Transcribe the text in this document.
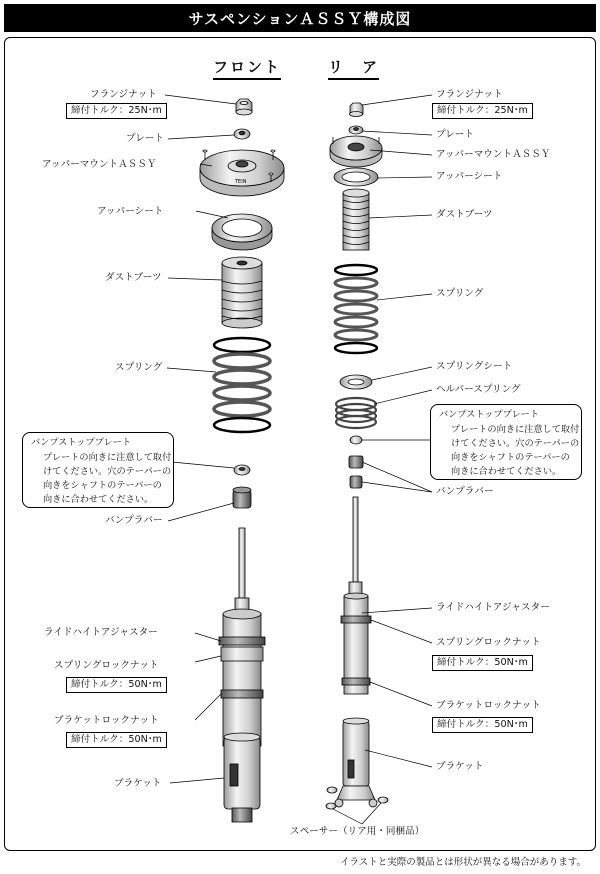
サスペンションＡＳＳＹ構成図
フロント	リ　ア
TEIN
フランジナット
締付トルク：25N･m
プレート
アッパーマウントＡＳＳＹ
アッパーシート
ダストブーツ
スプリング
バンプストッププレート
プレートの向きに注意して取付
けてください。穴のテーパーの
向きをシャフトのテーパーの
向きに合わせてください。
バンプラバー
ライドハイトアジャスター
スプリングロックナット
締付トルク：50N･m
ブラケットロックナット
締付トルク：50N･m
ブラケット
フランジナット
締付トルク：25N･m
プレート
アッパーマウントＡＳＳＹ
アッパーシート
ダストブーツ
スプリング
スプリングシート
ヘルパースプリング
バンプストッププレート
プレートの向きに注意して取付
けてください。穴のテーパーの
向きをシャフトのテーパーの
向きに合わせてください。
バンプラバー
ライドハイトアジャスター
スプリングロックナット
締付トルク：50N･m
ブラケットロックナット
締付トルク：50N･m
ブラケット
スペーサー（リア用・同梱品）
イラストと実際の製品とは形状が異なる場合があります。
